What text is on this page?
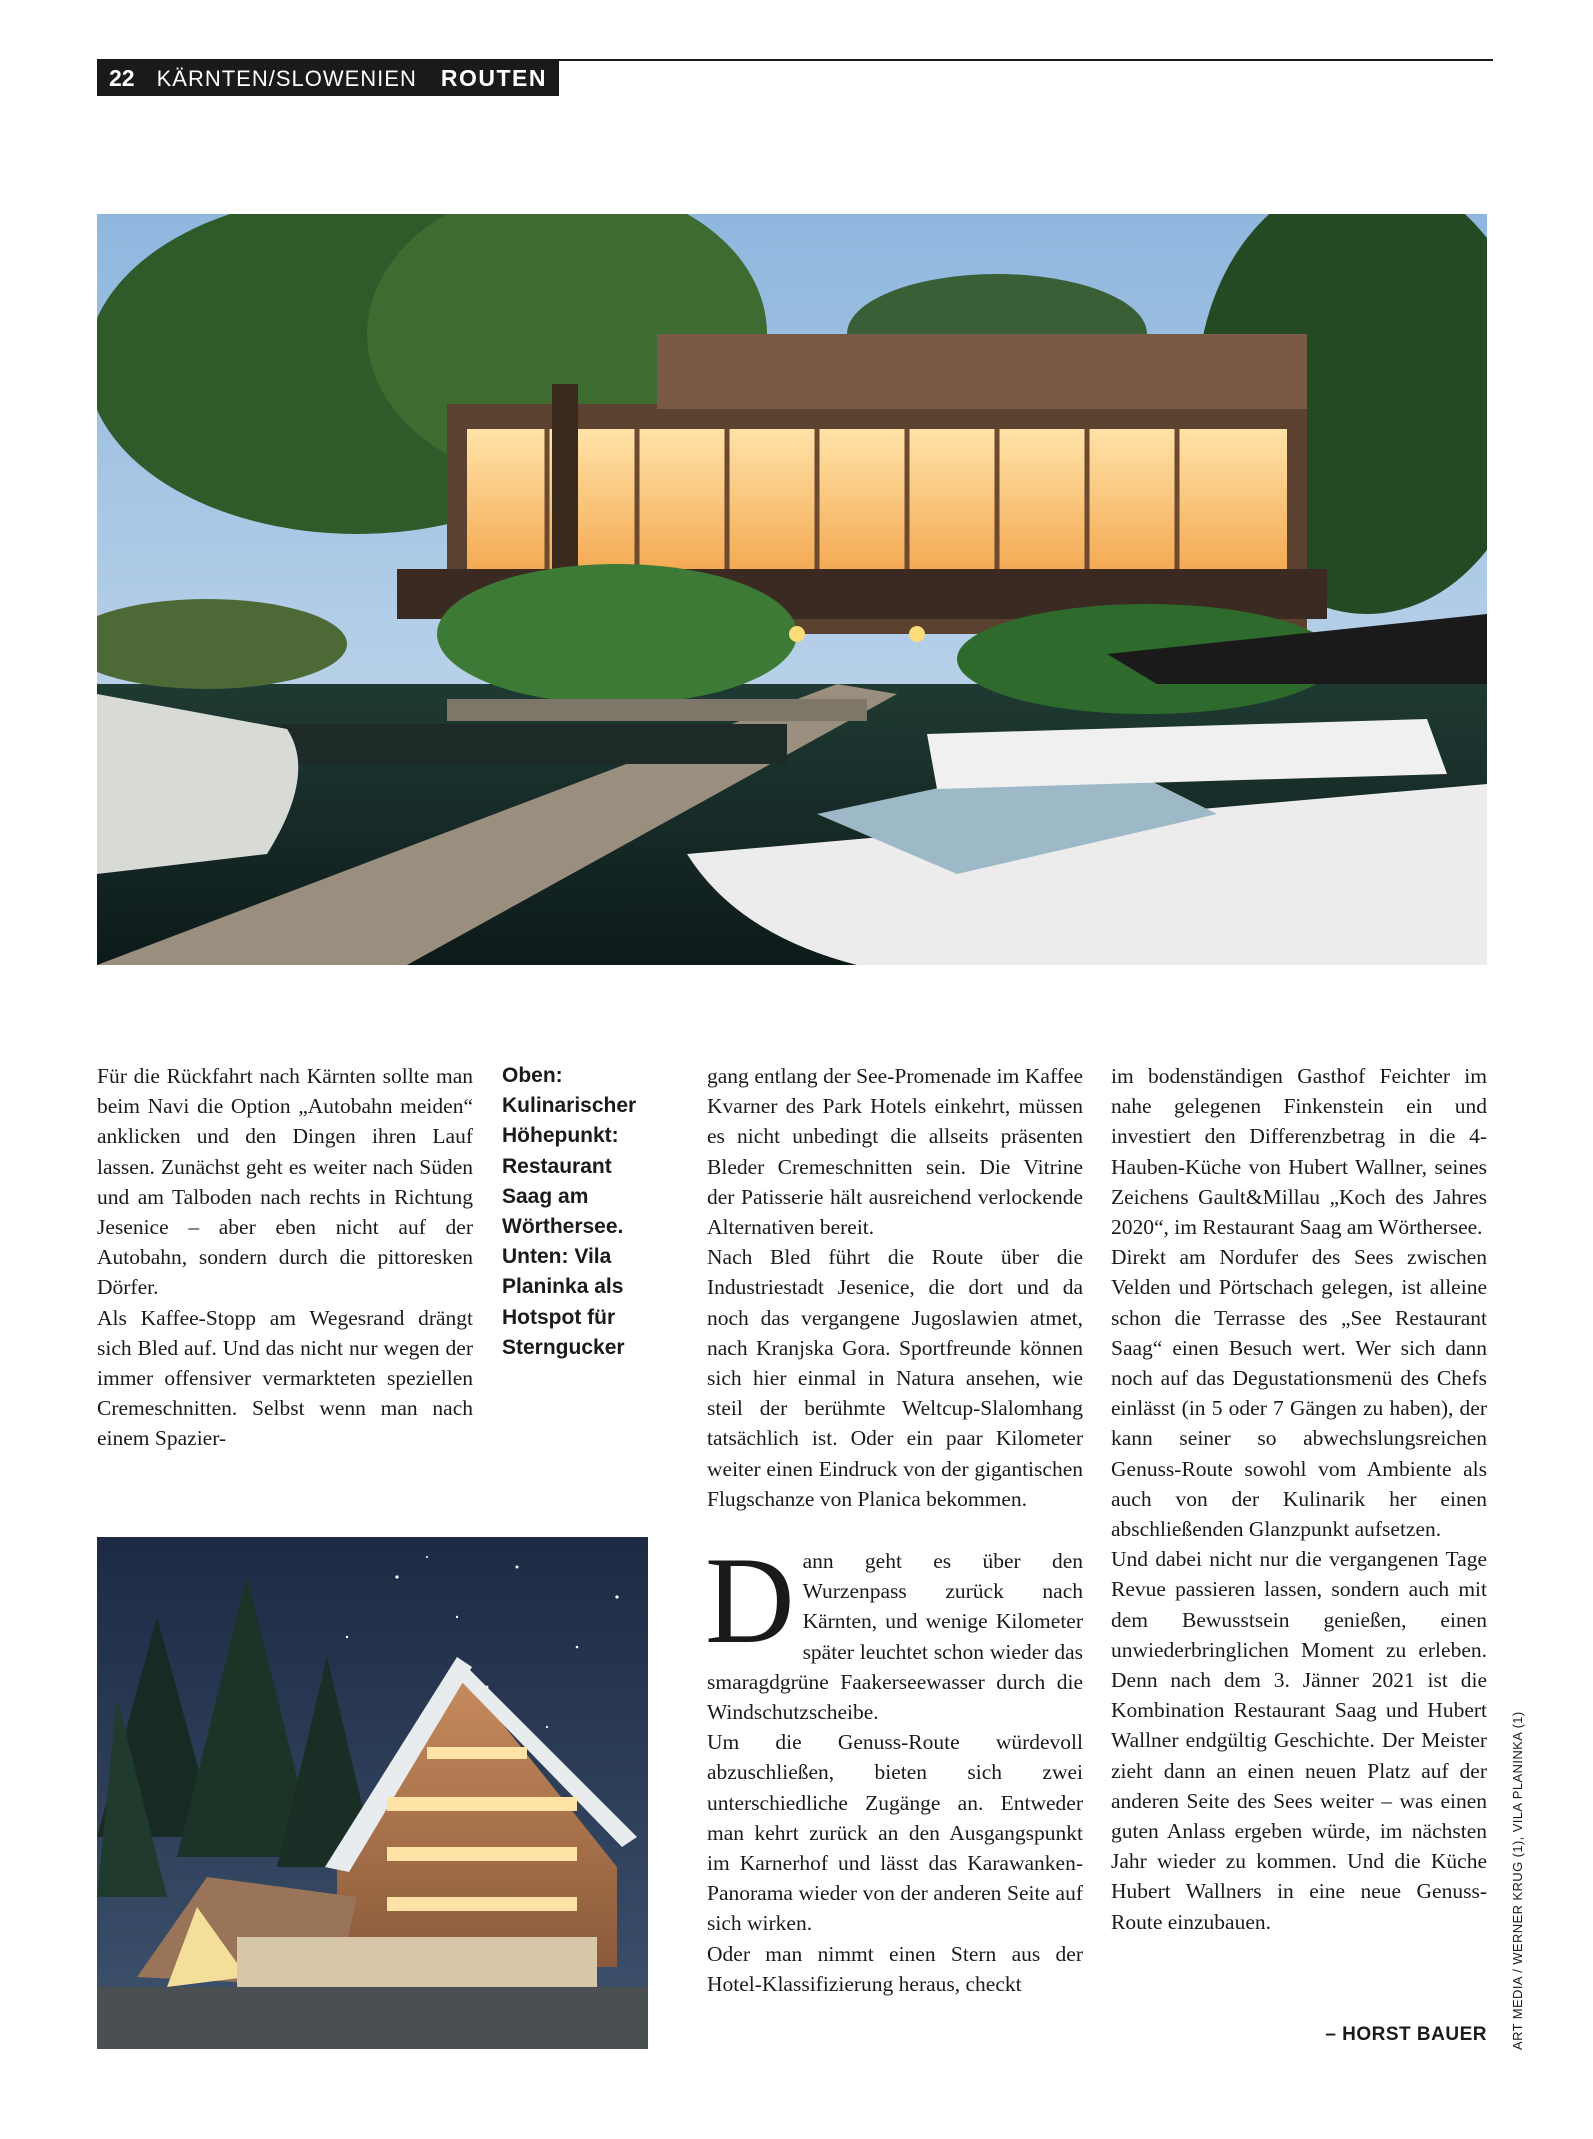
22 KÄRNTEN/SLOWENIEN ROUTEN

Für die Rückfahrt nach Kärnten sollte man beim Navi die Option „Autobahn meiden“ anklicken und den Dingen ihren Lauf lassen. Zunächst geht es weiter nach Süden und am Talboden nach rechts in Richtung Jesenice – aber eben nicht auf der Autobahn, sondern durch die pittoresken Dörfer.

Als Kaffee-Stopp am Wegesrand drängt sich Bled auf. Und das nicht nur wegen der immer offensiver vermarkteten speziellen Cremeschnitten. Selbst wenn man nach einem Spazier-

Oben: Kulinarischer Höhepunkt: Restaurant Saag am Wörthersee. Unten: Vila Planinka als Hotspot für Sterngucker

gang entlang der See-Promenade im Kaffee Kvarner des Park Hotels einkehrt, müssen es nicht unbedingt die allseits präsenten Bleder Cremeschnitten sein. Die Vitrine der Patisserie hält ausreichend verlockende Alternativen bereit.

Nach Bled führt die Route über die Industriestadt Jesenice, die dort und da noch das vergangene Jugoslawien atmet, nach Kranjska Gora. Sportfreunde können sich hier einmal in Natura ansehen, wie steil der berühmte Weltcup-Slalomhang tatsächlich ist. Oder ein paar Kilometer weiter einen Eindruck von der gigantischen Flugschanze von Planica bekommen.

Dann geht es über den Wurzenpass zurück nach Kärnten, und wenige Kilometer später leuchtet schon wieder das smaragdgrüne Faakerseewasser durch die Windschutzscheibe.

Um die Genuss-Route würdevoll abzuschließen, bieten sich zwei unterschiedliche Zugänge an. Entweder man kehrt zurück an den Ausgangspunkt im Karnerhof und lässt das Karawanken-Panorama wieder von der anderen Seite auf sich wirken.

Oder man nimmt einen Stern aus der Hotel-Klassifizierung heraus, checkt

im bodenständigen Gasthof Feichter im nahe gelegenen Finkenstein ein und investiert den Differenzbetrag in die 4-Hauben-Küche von Hubert Wallner, seines Zeichens Gault&Millau „Koch des Jahres 2020“, im Restaurant Saag am Wörthersee.

Direkt am Nordufer des Sees zwischen Velden und Pörtschach gelegen, ist alleine schon die Terrasse des „See Restaurant Saag“ einen Besuch wert. Wer sich dann noch auf das Degustationsmenü des Chefs einlässt (in 5 oder 7 Gängen zu haben), der kann seiner so abwechslungsreichen Genuss-Route sowohl vom Ambiente als auch von der Kulinarik her einen abschließenden Glanzpunkt aufsetzen.

Und dabei nicht nur die vergangenen Tage Revue passieren lassen, sondern auch mit dem Bewusstsein genießen, einen unwiederbringlichen Moment zu erleben. Denn nach dem 3. Jänner 2021 ist die Kombination Restaurant Saag und Hubert Wallner endgültig Geschichte. Der Meister zieht dann an einen neuen Platz auf der anderen Seite des Sees weiter – was einen guten Anlass ergeben würde, im nächsten Jahr wieder zu kommen. Und die Küche Hubert Wallners in eine neue Genuss-Route einzubauen.

– HORST BAUER ART MEDIA / WERNER KRUG (1), VILA PLANINKA (1)
